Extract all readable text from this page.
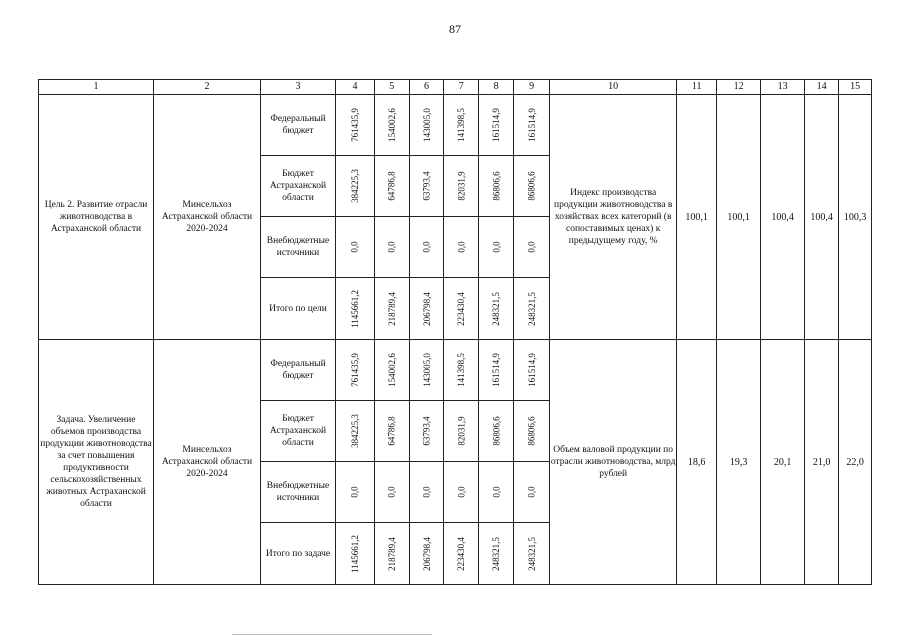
87
1	2	3	4	5	6	7	8	9	10	11	12	13	14	15
Цель 2. Развитие отрасли животноводства в Астраханской области	Минсельхоз Астраханской области 2020-2024	Федеральный бюджет	761435,9	154002,6	143005,0	141398,5	161514,9	161514,9	Индекс производства продукции животноводства в хозяйствах всех категорий (в сопоставимых ценах) к предыдущему году, %	100,1	100,1	100,4	100,4	100,3
		Бюджет Астраханской области	384225,3	64786,8	63793,4	82031,9	86806,6	86806,6						
		Внебюджетные источники	0,0	0,0	0,0	0,0	0,0	0,0						
		Итого по цели	1145661,2	218789,4	206798,4	223430,4	248321,5	248321,5						
Задача. Увеличение объемов производства продукции животноводства за счет повышения продуктивности сельскохозяйственных животных Астраханской области	Минсельхоз Астраханской области 2020-2024	Федеральный бюджет	761435,9	154002,6	143005,0	141398,5	161514,9	161514,9	Объем валовой продукции по отрасли животноводства, млрд рублей	18,6	19,3	20,1	21,0	22,0
		Бюджет Астраханской области	384225,3	64786,8	63793,4	82031,9	86806,6	86806,6						
		Внебюджетные источники	0,0	0,0	0,0	0,0	0,0	0,0						
		Итого по задаче	1145661,2	218789,4	206798,4	223430,4	248321,5	248321,5						
